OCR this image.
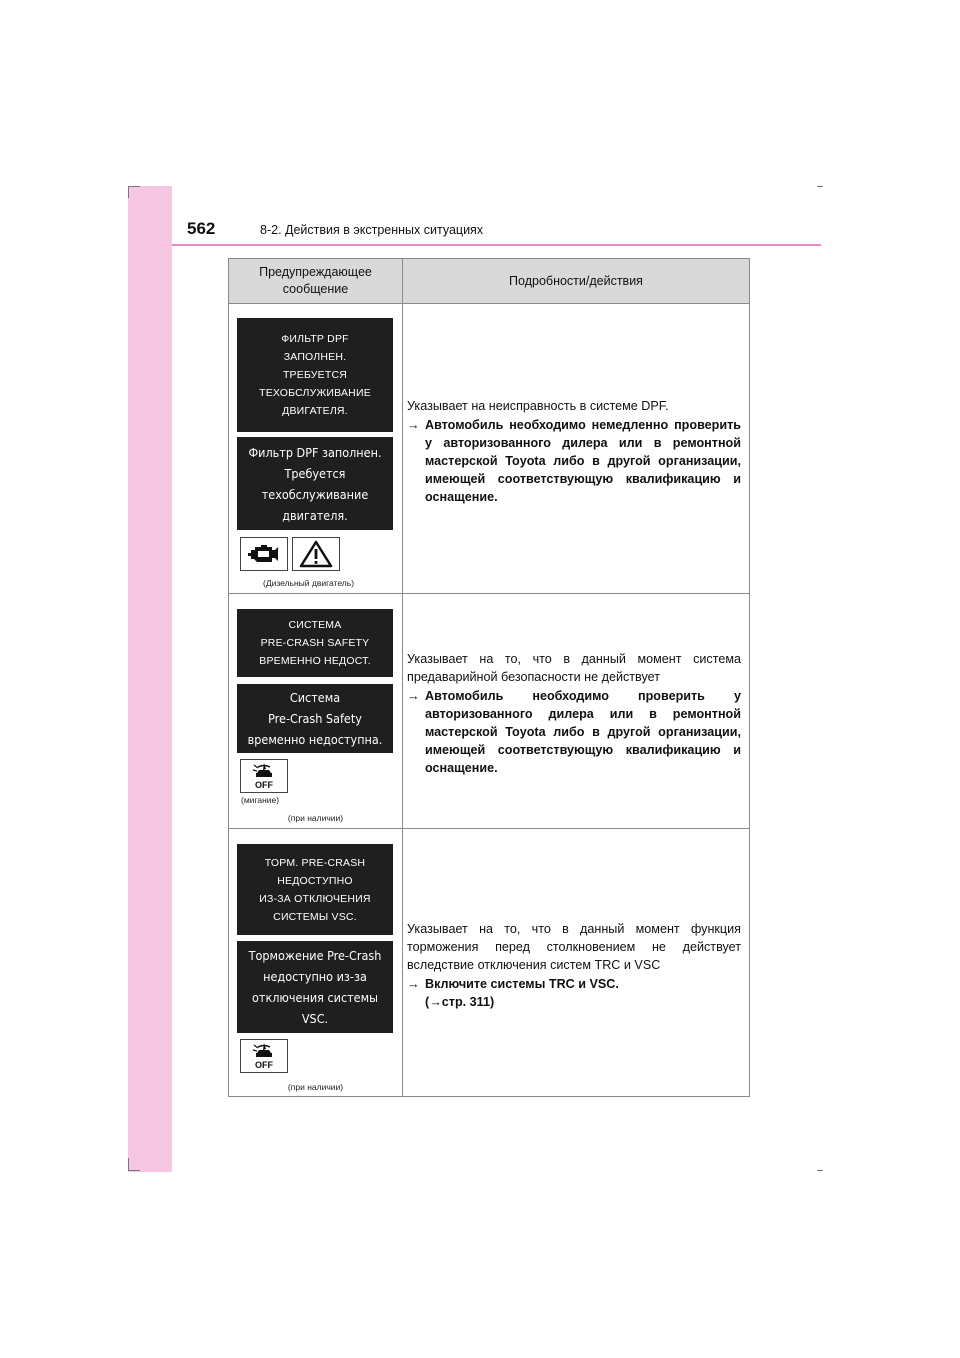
562	8-2. Действия в экстренных ситуациях
Предупреждающее
сообщение
Подробности/действия
ФИЛЬТР DPF
ЗАПОЛНЕН.
ТРЕБУЕТСЯ
ТЕХОБСЛУЖИВАНИЕ
ДВИГАТЕЛЯ.
Фильтр DPF заполнен.
Требуется
техобслуживание
двигателя.
(Дизельный двигатель)

Указывает на неисправность в системе DPF.

→ Автомобиль необходимо немедленно проверить у авторизованного дилера или в ремонтной мастерской Toyota либо в другой организации, имеющей соответствующую квалификацию и оснащение.
СИСТЕМА
PRE-CRASH SAFETY
ВРЕМЕННО НЕДОСТ.
Система
Pre-Crash Safety
временно недоступна.
OFF
(мигание)
(при наличии)

Указывает на то, что в данный момент система предаварийной безопасности не действует

→ Автомобиль необходимо проверить у авторизованного дилера или в ремонтной мастерской Toyota либо в другой организации, имеющей соответствующую квалификацию и оснащение.
ТОРМ. PRE-CRASH
НЕДОСТУПНО
ИЗ-ЗА ОТКЛЮЧЕНИЯ
СИСТЕМЫ VSC.
Торможение Pre-Crash
недоступно из-за
отключения системы
VSC.
OFF
(при наличии)

Указывает на то, что в данный момент функция торможения перед столкновением не действует вследствие отключения систем TRC и VSC

→ Включите системы TRC и VSC.
(→стр. 311)
